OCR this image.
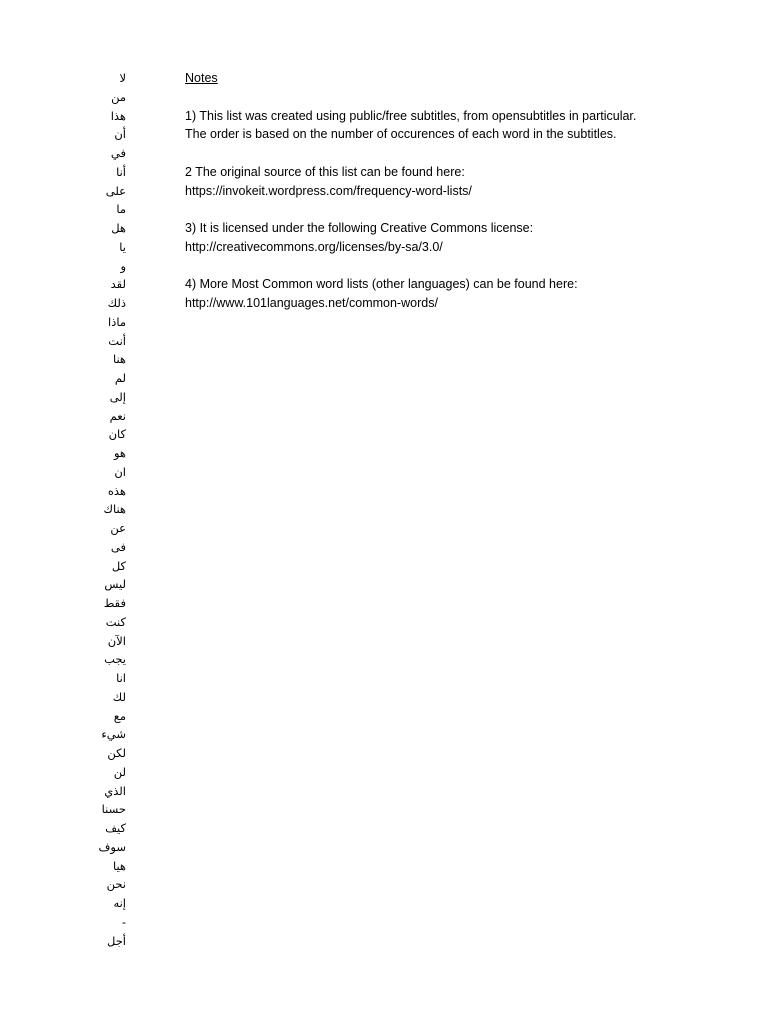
لا
من
هذا
أن
في
أنا
على
ما
هل
يا
و
لقد
ذلك
ماذا
أنت
هنا
لم
إلى
نعم
كان
هو
ان
هذه
هناك
عن
فى
كل
ليس
فقط
كنت
الآن
يجب
انا
لك
مع
شيء
لكن
لن
الذي
حسنا
كيف
سوف
هيا
نحن
إنه
-
أجل
Notes
1) This list was created using public/free subtitles, from opensubtitles in particular.
The order is based on the number of occurences of each word in the subtitles.
2 The original source of this list can be found here:
https://invokeit.wordpress.com/frequency-word-lists/
3) It is licensed under the following Creative Commons license:
http://creativecommons.org/licenses/by-sa/3.0/
4) More Most Common word lists (other languages) can be found here:
http://www.101languages.net/common-words/
